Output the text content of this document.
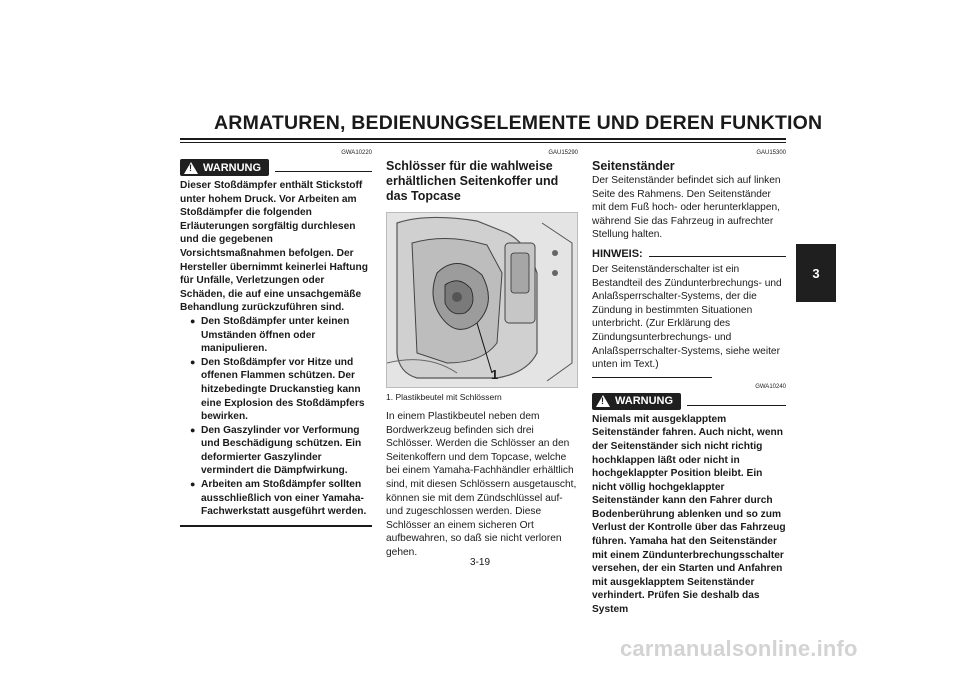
ARMATUREN, BEDIENUNGSELEMENTE UND DEREN FUNKTION
3
GWA10220
!
WARNUNG
Dieser Stoßdämpfer enthält Stickstoff unter hohem Druck. Vor Arbeiten am Stoßdämpfer die folgenden Erläuterungen sorgfältig durchlesen und die gegebenen Vorsichtsmaßnahmen befolgen. Der Hersteller übernimmt keinerlei Haftung für Unfälle, Verletzungen oder Schäden, die auf eine unsachgemäße Behandlung zurückzuführen sind.
● Den Stoßdämpfer unter keinen Umständen öffnen oder manipulieren.
● Den Stoßdämpfer vor Hitze und offenen Flammen schützen. Der hitzebedingte Druckanstieg kann eine Explosion des Stoßdämpfers bewirken.
● Den Gaszylinder vor Verformung und Beschädigung schützen. Ein deformierter Gaszylinder vermindert die Dämpfwirkung.
● Arbeiten am Stoßdämpfer sollten ausschließlich von einer Yamaha-Fachwerkstatt ausgeführt werden.
GAU15290
Schlösser für die wahlweise erhältlichen Seitenkoffer und das Topcase
1
1. Plastikbeutel mit Schlössern
In einem Plastikbeutel neben dem Bordwerkzeug befinden sich drei Schlösser. Werden die Schlösser an den Seitenkoffern und dem Topcase, welche bei einem Yamaha-Fachhändler erhältlich sind, mit diesen Schlössern ausgetauscht, können sie mit dem Zündschlüssel auf- und zugeschlossen werden. Diese Schlösser an einem sicheren Ort aufbewahren, so daß sie nicht verloren gehen.
GAU15300
Seitenständer
Der Seitenständer befindet sich auf linken Seite des Rahmens. Den Seitenständer mit dem Fuß hoch- oder herunterklappen, während Sie das Fahrzeug in aufrechter Stellung halten.
HINWEIS:
Der Seitenständerschalter ist ein Bestandteil des Zündunterbrechungs- und Anlaßsperrschalter-Systems, der die Zündung in bestimmten Situationen unterbricht. (Zur Erklärung des Zündungsunterbrechungs- und Anlaßsperrschalter-Systems, siehe weiter unten im Text.)
GWA10240
!
WARNUNG
Niemals mit ausgeklapptem Seitenständer fahren. Auch nicht, wenn der Seitenständer sich nicht richtig hochklappen läßt oder nicht in hochgeklappter Position bleibt. Ein nicht völlig hochgeklappter Seitenständer kann den Fahrer durch Bodenberührung ablenken und so zum Verlust der Kontrolle über das Fahrzeug führen. Yamaha hat den Seitenständer mit einem Zündunterbrechungsschalter versehen, der ein Starten und Anfahren mit ausgeklapptem Seitenständer verhindert. Prüfen Sie deshalb das System
3-19
carmanualsonline.info
